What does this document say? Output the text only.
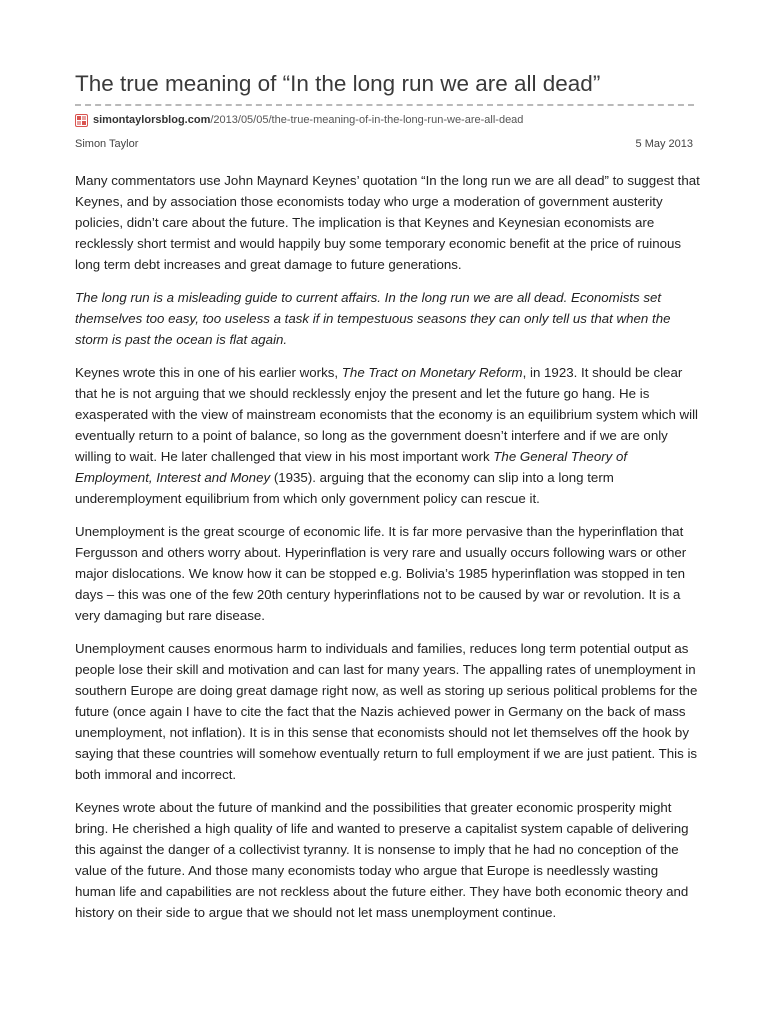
The true meaning of “In the long run we are all dead”
simontaylorsblog.com /2013/05/05/the-true-meaning-of-in-the-long-run-we-are-all-dead
Simon Taylor	5 May 2013

Many commentators use John Maynard Keynes’ quotation “In the long run we are all dead” to suggest that Keynes, and by association those economists today who urge a moderation of government austerity policies, didn’t care about the future. The implication is that Keynes and Keynesian economists are recklessly short termist and would happily buy some temporary economic benefit at the price of ruinous long term debt increases and great damage to future generations.

The long run is a misleading guide to current affairs. In the long run we are all dead. Economists set themselves too easy, too useless a task if in tempestuous seasons they can only tell us that when the storm is past the ocean is flat again.

Keynes wrote this in one of his earlier works, The Tract on Monetary Reform, in 1923. It should be clear that he is not arguing that we should recklessly enjoy the present and let the future go hang. He is exasperated with the view of mainstream economists that the economy is an equilibrium system which will eventually return to a point of balance, so long as the government doesn’t interfere and if we are only willing to wait. He later challenged that view in his most important work The General Theory of Employment, Interest and Money (1935). arguing that the economy can slip into a long term underemployment equilibrium from which only government policy can rescue it.

Unemployment is the great scourge of economic life. It is far more pervasive than the hyperinflation that Fergusson and others worry about. Hyperinflation is very rare and usually occurs following wars or other major dislocations. We know how it can be stopped e.g. Bolivia’s 1985 hyperinflation was stopped in ten days – this was one of the few 20th century hyperinflations not to be caused by war or revolution. It is a very damaging but rare disease.

Unemployment causes enormous harm to individuals and families, reduces long term potential output as people lose their skill and motivation and can last for many years. The appalling rates of unemployment in southern Europe are doing great damage right now, as well as storing up serious political problems for the future (once again I have to cite the fact that the Nazis achieved power in Germany on the back of mass unemployment, not inflation). It is in this sense that economists should not let themselves off the hook by saying that these countries will somehow eventually return to full employment if we are just patient. This is both immoral and incorrect.

Keynes wrote about the future of mankind and the possibilities that greater economic prosperity might bring. He cherished a high quality of life and wanted to preserve a capitalist system capable of delivering this against the danger of a collectivist tyranny. It is nonsense to imply that he had no conception of the value of the future. And those many economists today who argue that Europe is needlessly wasting human life and capabilities are not reckless about the future either. They have both economic theory and history on their side to argue that we should not let mass unemployment continue.
